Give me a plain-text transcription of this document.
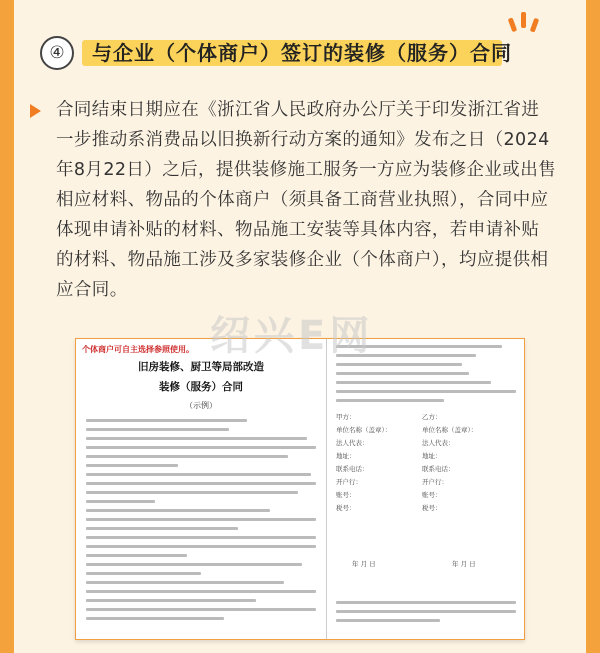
④	与企业（个体商户）签订的装修（服务）合同
合同结束日期应在《浙江省人民政府办公厅关于印发浙江省进一步推动系消费品以旧换新行动方案的通知》发布之日（2024年8月22日）之后，提供装修施工服务一方应为装修企业或出售相应材料、物品的个体商户（须具备工商营业执照），合同中应体现申请补贴的材料、物品施工安装等具体内容，若申请补贴的材料、物品施工涉及多家装修企业（个体商户），均应提供相应合同。
个体商户可自主选择参照使用。
旧房装修、厨卫等局部改造
装修（服务）合同
（示例）
甲方：
单位名称（盖章）：
法人代表：
地址：
联系电话：
开户行：
账号：
税号：
乙方：
单位名称（盖章）：
法人代表：
地址：
联系电话：
开户行：
账号：
税号：
年 月 日	年 月 日
绍兴E网
